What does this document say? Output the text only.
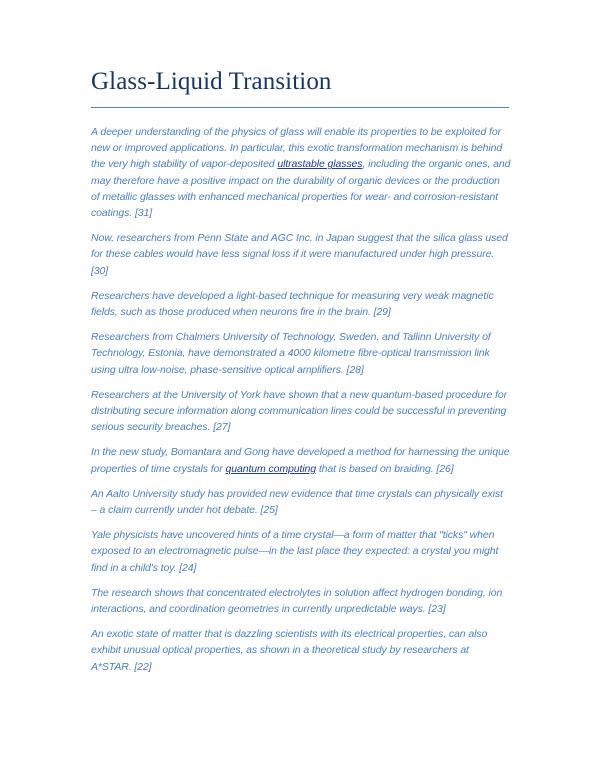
Glass-Liquid Transition

A deeper understanding of the physics of glass will enable its properties to be exploited for new or improved applications. In particular, this exotic transformation mechanism is behind the very high stability of vapor-deposited ultrastable glasses, including the organic ones, and may therefore have a positive impact on the durability of organic devices or the production of metallic glasses with enhanced mechanical properties for wear- and corrosion-resistant coatings. [31]

Now, researchers from Penn State and AGC Inc. in Japan suggest that the silica glass used for these cables would have less signal loss if it were manufactured under high pressure. [30]

Researchers have developed a light-based technique for measuring very weak magnetic fields, such as those produced when neurons fire in the brain. [29]

Researchers from Chalmers University of Technology, Sweden, and Tallinn University of Technology, Estonia, have demonstrated a 4000 kilometre fibre-optical transmission link using ultra low-noise, phase-sensitive optical amplifiers. [28]

Researchers at the University of York have shown that a new quantum-based procedure for distributing secure information along communication lines could be successful in preventing serious security breaches. [27]

In the new study, Bomantara and Gong have developed a method for harnessing the unique properties of time crystals for quantum computing that is based on braiding. [26]

An Aalto University study has provided new evidence that time crystals can physically exist – a claim currently under hot debate. [25]

Yale physicists have uncovered hints of a time crystal—a form of matter that "ticks" when exposed to an electromagnetic pulse—in the last place they expected: a crystal you might find in a child's toy. [24]

The research shows that concentrated electrolytes in solution affect hydrogen bonding, ion interactions, and coordination geometries in currently unpredictable ways. [23]

An exotic state of matter that is dazzling scientists with its electrical properties, can also exhibit unusual optical properties, as shown in a theoretical study by researchers at A*STAR. [22]
